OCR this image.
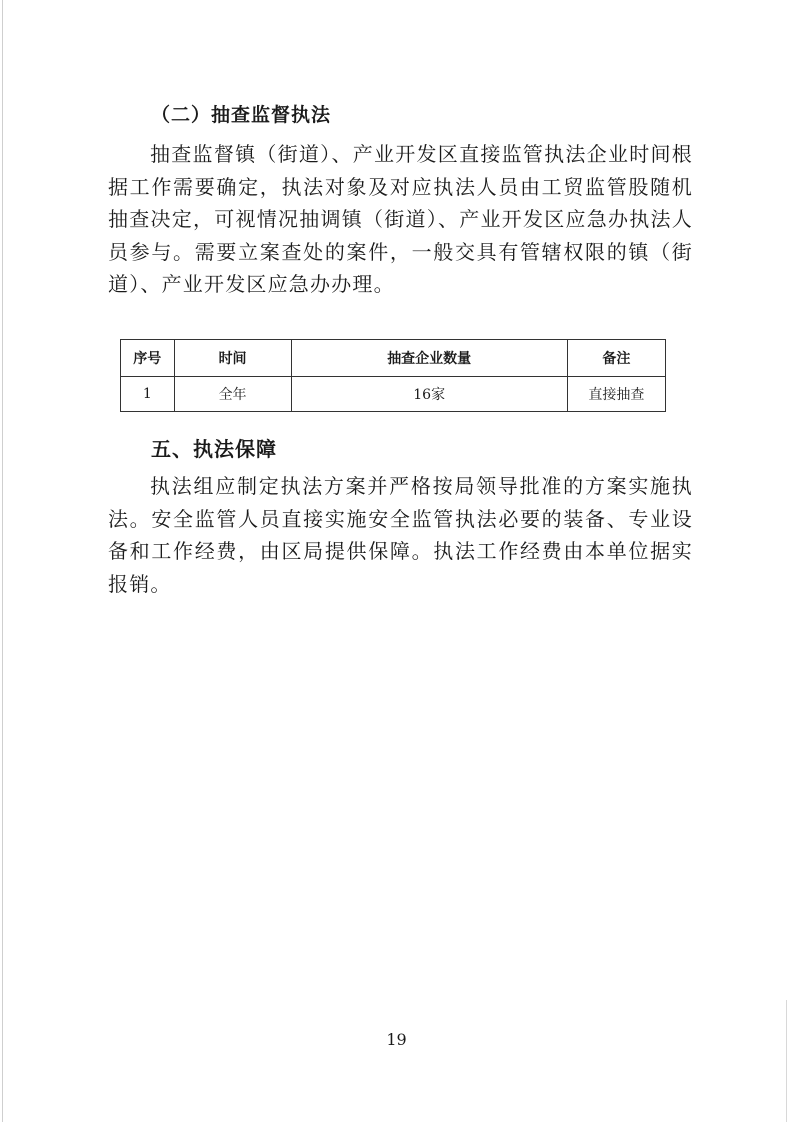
（二）抽查监督执法

抽查监督镇（街道）、产业开发区直接监管执法企业时间根据工作需要确定，执法对象及对应执法人员由工贸监管股随机抽查决定，可视情况抽调镇（街道）、产业开发区应急办执法人员参与。需要立案查处的案件，一般交具有管辖权限的镇（街道）、产业开发区应急办办理。

序号	时间	抽查企业数量	备注
1	全年	16家	直接抽查
五、执法保障

执法组应制定执法方案并严格按局领导批准的方案实施执法。安全监管人员直接实施安全监管执法必要的装备、专业设备和工作经费，由区局提供保障。执法工作经费由本单位据实报销。

19
